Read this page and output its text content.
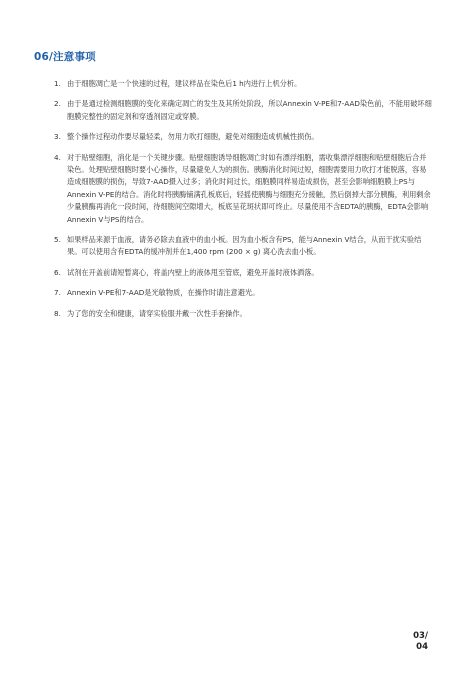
06/注意事项
1. 由于细胞凋亡是一个快速的过程，建议样品在染色后1 h内进行上机分析。
2. 由于是通过检测细胞膜的变化来确定凋亡的发生及其所处阶段，所以Annexin V-PE和7-AAD染色前，不能用破坏细胞膜完整性的固定剂和穿透剂固定或穿膜。
3. 整个操作过程动作要尽量轻柔，勿用力吹打细胞，避免对细胞造成机械性损伤。
4. 对于贴壁细胞，消化是一个关键步骤。贴壁细胞诱导细胞凋亡时如有漂浮细胞，需收集漂浮细胞和贴壁细胞后合并染色。处理贴壁细胞时要小心操作，尽量避免人为的损伤。胰酶消化时间过短，细胞需要用力吹打才能脱落，容易造成细胞膜的损伤，导致7-AAD摄入过多；消化时间过长，细胞膜同样易造成损伤，甚至会影响细胞膜上PS与Annexin V-PE的结合。消化时将胰酶铺满孔板底后，轻摇使胰酶与细胞充分接触，然后倒掉大部分胰酶，利用剩余少量胰酶再消化一段时间，待细胞间空隙增大，板底呈花斑状即可终止。尽量使用不含EDTA的胰酶，EDTA会影响Annexin V与PS的结合。
5. 如果样品来源于血液，请务必除去血液中的血小板。因为血小板含有PS，能与Annexin V结合，从而干扰实验结果。可以使用含有EDTA的缓冲剂并在1,400 rpm (200 × g) 离心洗去血小板。
6. 试剂在开盖前请短暂离心，将盖内壁上的液体甩至管底，避免开盖时液体洒落。
7. Annexin V-PE和7-AAD是光敏物质，在操作时请注意避光。
8. 为了您的安全和健康，请穿实验服并戴一次性手套操作。
03/
04
